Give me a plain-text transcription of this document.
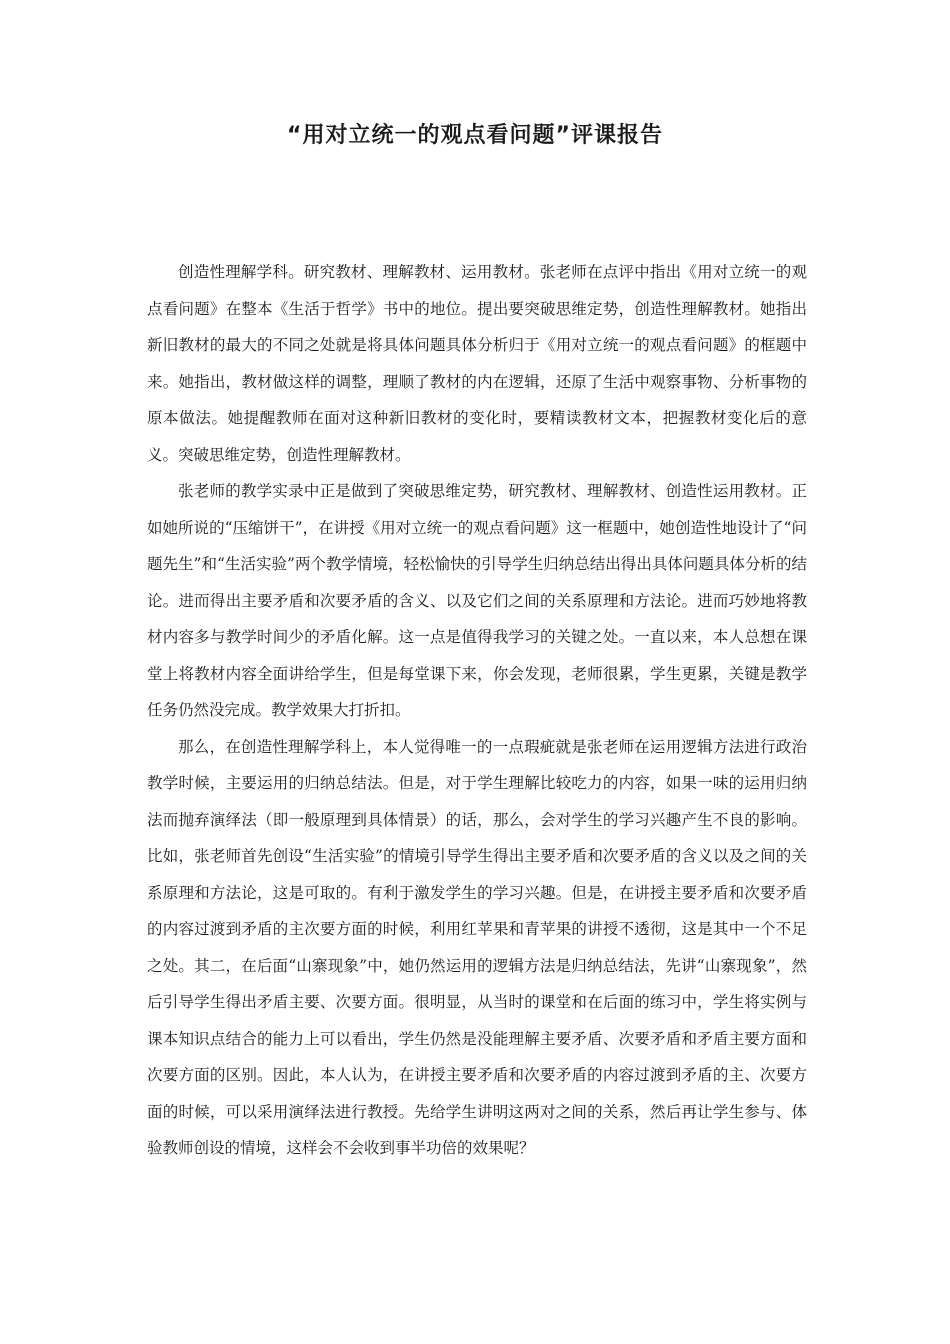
“用对立统一的观点看问题”评课报告

创造性理解学科。研究教材、理解教材、运用教材。张老师在点评中指出《用对立统一的观点看问题》在整本《生活于哲学》书中的地位。提出要突破思维定势，创造性理解教材。她指出新旧教材的最大的不同之处就是将具体问题具体分析归于《用对立统一的观点看问题》的框题中来。她指出，教材做这样的调整，理顺了教材的内在逻辑，还原了生活中观察事物、分析事物的原本做法。她提醒教师在面对这种新旧教材的变化时，要精读教材文本，把握教材变化后的意义。突破思维定势，创造性理解教材。

张老师的教学实录中正是做到了突破思维定势，研究教材、理解教材、创造性运用教材。正如她所说的“压缩饼干”，在讲授《用对立统一的观点看问题》这一框题中，她创造性地设计了“问题先生”和“生活实验”两个教学情境，轻松愉快的引导学生归纳总结出得出具体问题具体分析的结论。进而得出主要矛盾和次要矛盾的含义、以及它们之间的关系原理和方法论。进而巧妙地将教材内容多与教学时间少的矛盾化解。这一点是值得我学习的关键之处。一直以来，本人总想在课堂上将教材内容全面讲给学生，但是每堂课下来，你会发现，老师很累，学生更累，关键是教学任务仍然没完成。教学效果大打折扣。

那么，在创造性理解学科上，本人觉得唯一的一点瑕疵就是张老师在运用逻辑方法进行政治教学时候，主要运用的归纳总结法。但是，对于学生理解比较吃力的内容，如果一味的运用归纳法而抛弃演绎法（即一般原理到具体情景）的话，那么，会对学生的学习兴趣产生不良的影响。比如，张老师首先创设“生活实验”的情境引导学生得出主要矛盾和次要矛盾的含义以及之间的关系原理和方法论，这是可取的。有利于激发学生的学习兴趣。但是，在讲授主要矛盾和次要矛盾的内容过渡到矛盾的主次要方面的时候，利用红苹果和青苹果的讲授不透彻，这是其中一个不足之处。其二，在后面“山寨现象”中，她仍然运用的逻辑方法是归纳总结法，先讲“山寨现象”，然后引导学生得出矛盾主要、次要方面。很明显，从当时的课堂和在后面的练习中，学生将实例与课本知识点结合的能力上可以看出，学生仍然是没能理解主要矛盾、次要矛盾和矛盾主要方面和次要方面的区别。因此，本人认为，在讲授主要矛盾和次要矛盾的内容过渡到矛盾的主、次要方面的时候，可以采用演绎法进行教授。先给学生讲明这两对之间的关系，然后再让学生参与、体验教师创设的情境，这样会不会收到事半功倍的效果呢？
